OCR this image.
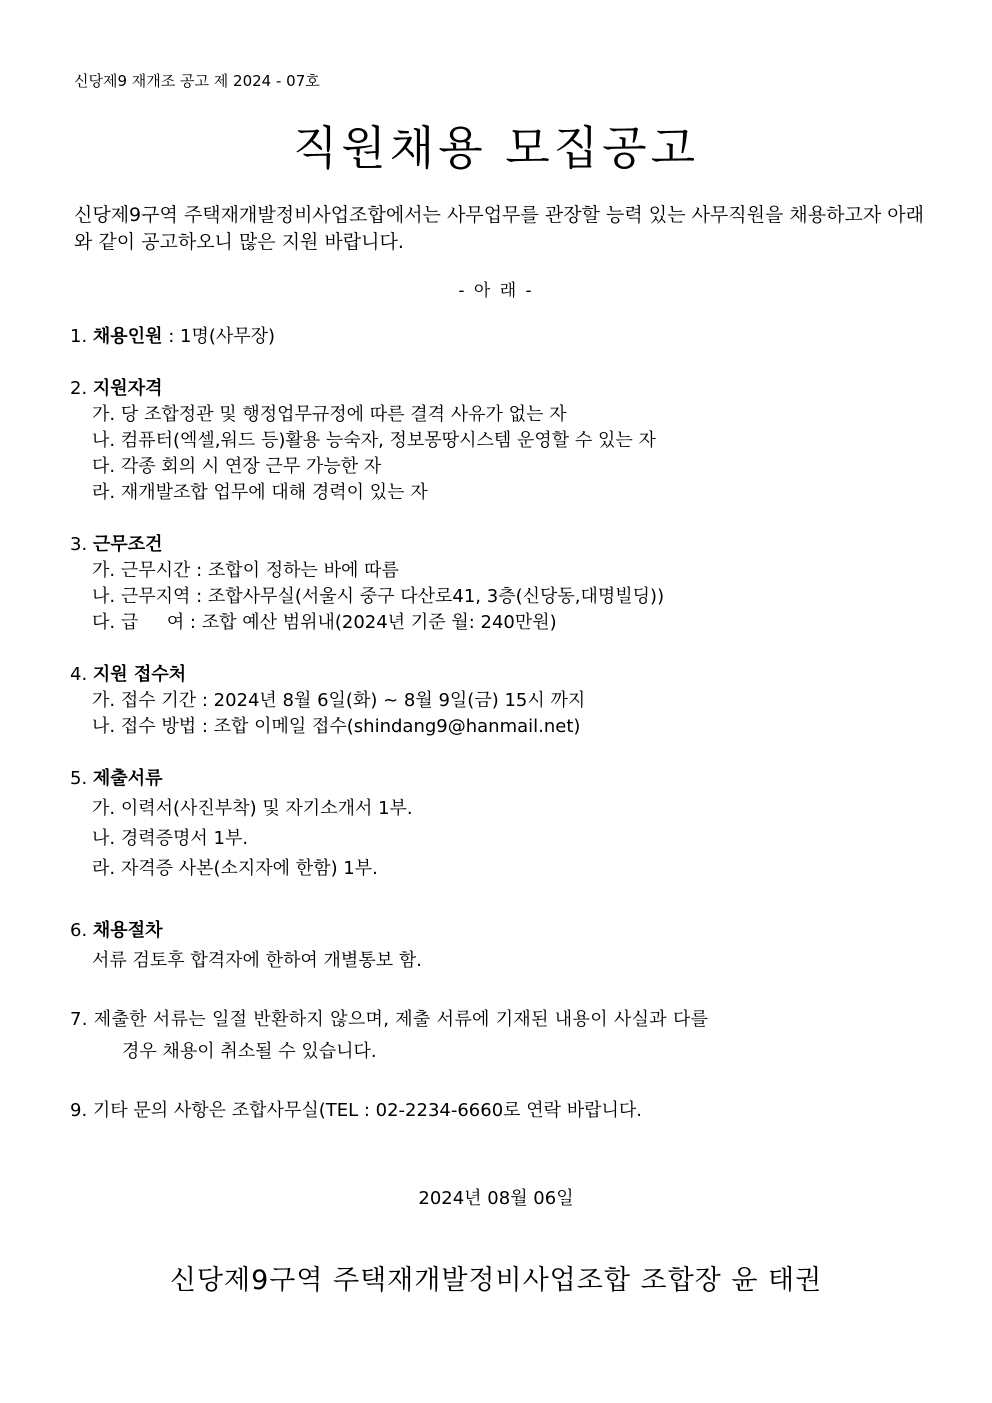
신당제9 재개조 공고 제 2024 - 07호
직원채용 모집공고
신당제9구역 주택재개발정비사업조합에서는 사무업무를 관장할 능력 있는 사무직원을 채용하고자 아래와 같이 공고하오니 많은 지원 바랍니다.
- 아 래 -
1. 채용인원 : 1명(사무장)
2. 지원자격
가. 당 조합정관 및 행정업무규정에 따른 결격 사유가 없는 자
나. 컴퓨터(엑셀,워드 등)활용 능숙자, 정보몽땅시스템 운영할 수 있는 자
다. 각종 회의 시 연장 근무 가능한 자
라. 재개발조합 업무에 대해 경력이 있는 자
3. 근무조건
가. 근무시간 : 조합이 정하는 바에 따름
나. 근무지역 : 조합사무실(서울시 중구 다산로41, 3층(신당동,대명빌딩))
다. 급     여 : 조합 예산 범위내(2024년 기준 월: 240만원)
4. 지원 접수처
가. 접수 기간 : 2024년 8월 6일(화) ~ 8월 9일(금) 15시 까지
나. 접수 방법 : 조합 이메일 접수(shindang9@hanmail.net)
5. 제출서류
가. 이력서(사진부착) 및 자기소개서 1부.
나. 경력증명서 1부.
라. 자격증 사본(소지자에 한함) 1부.
6. 채용절차
서류 검토후 합격자에 한하여 개별통보 함.
7. 제출한 서류는 일절 반환하지 않으며, 제출 서류에 기재된 내용이 사실과 다를
경우 채용이 취소될 수 있습니다.
9. 기타 문의 사항은 조합사무실(TEL : 02-2234-6660로 연락 바랍니다.
2024년 08월 06일
신당제9구역 주택재개발정비사업조합 조합장 윤 태권
